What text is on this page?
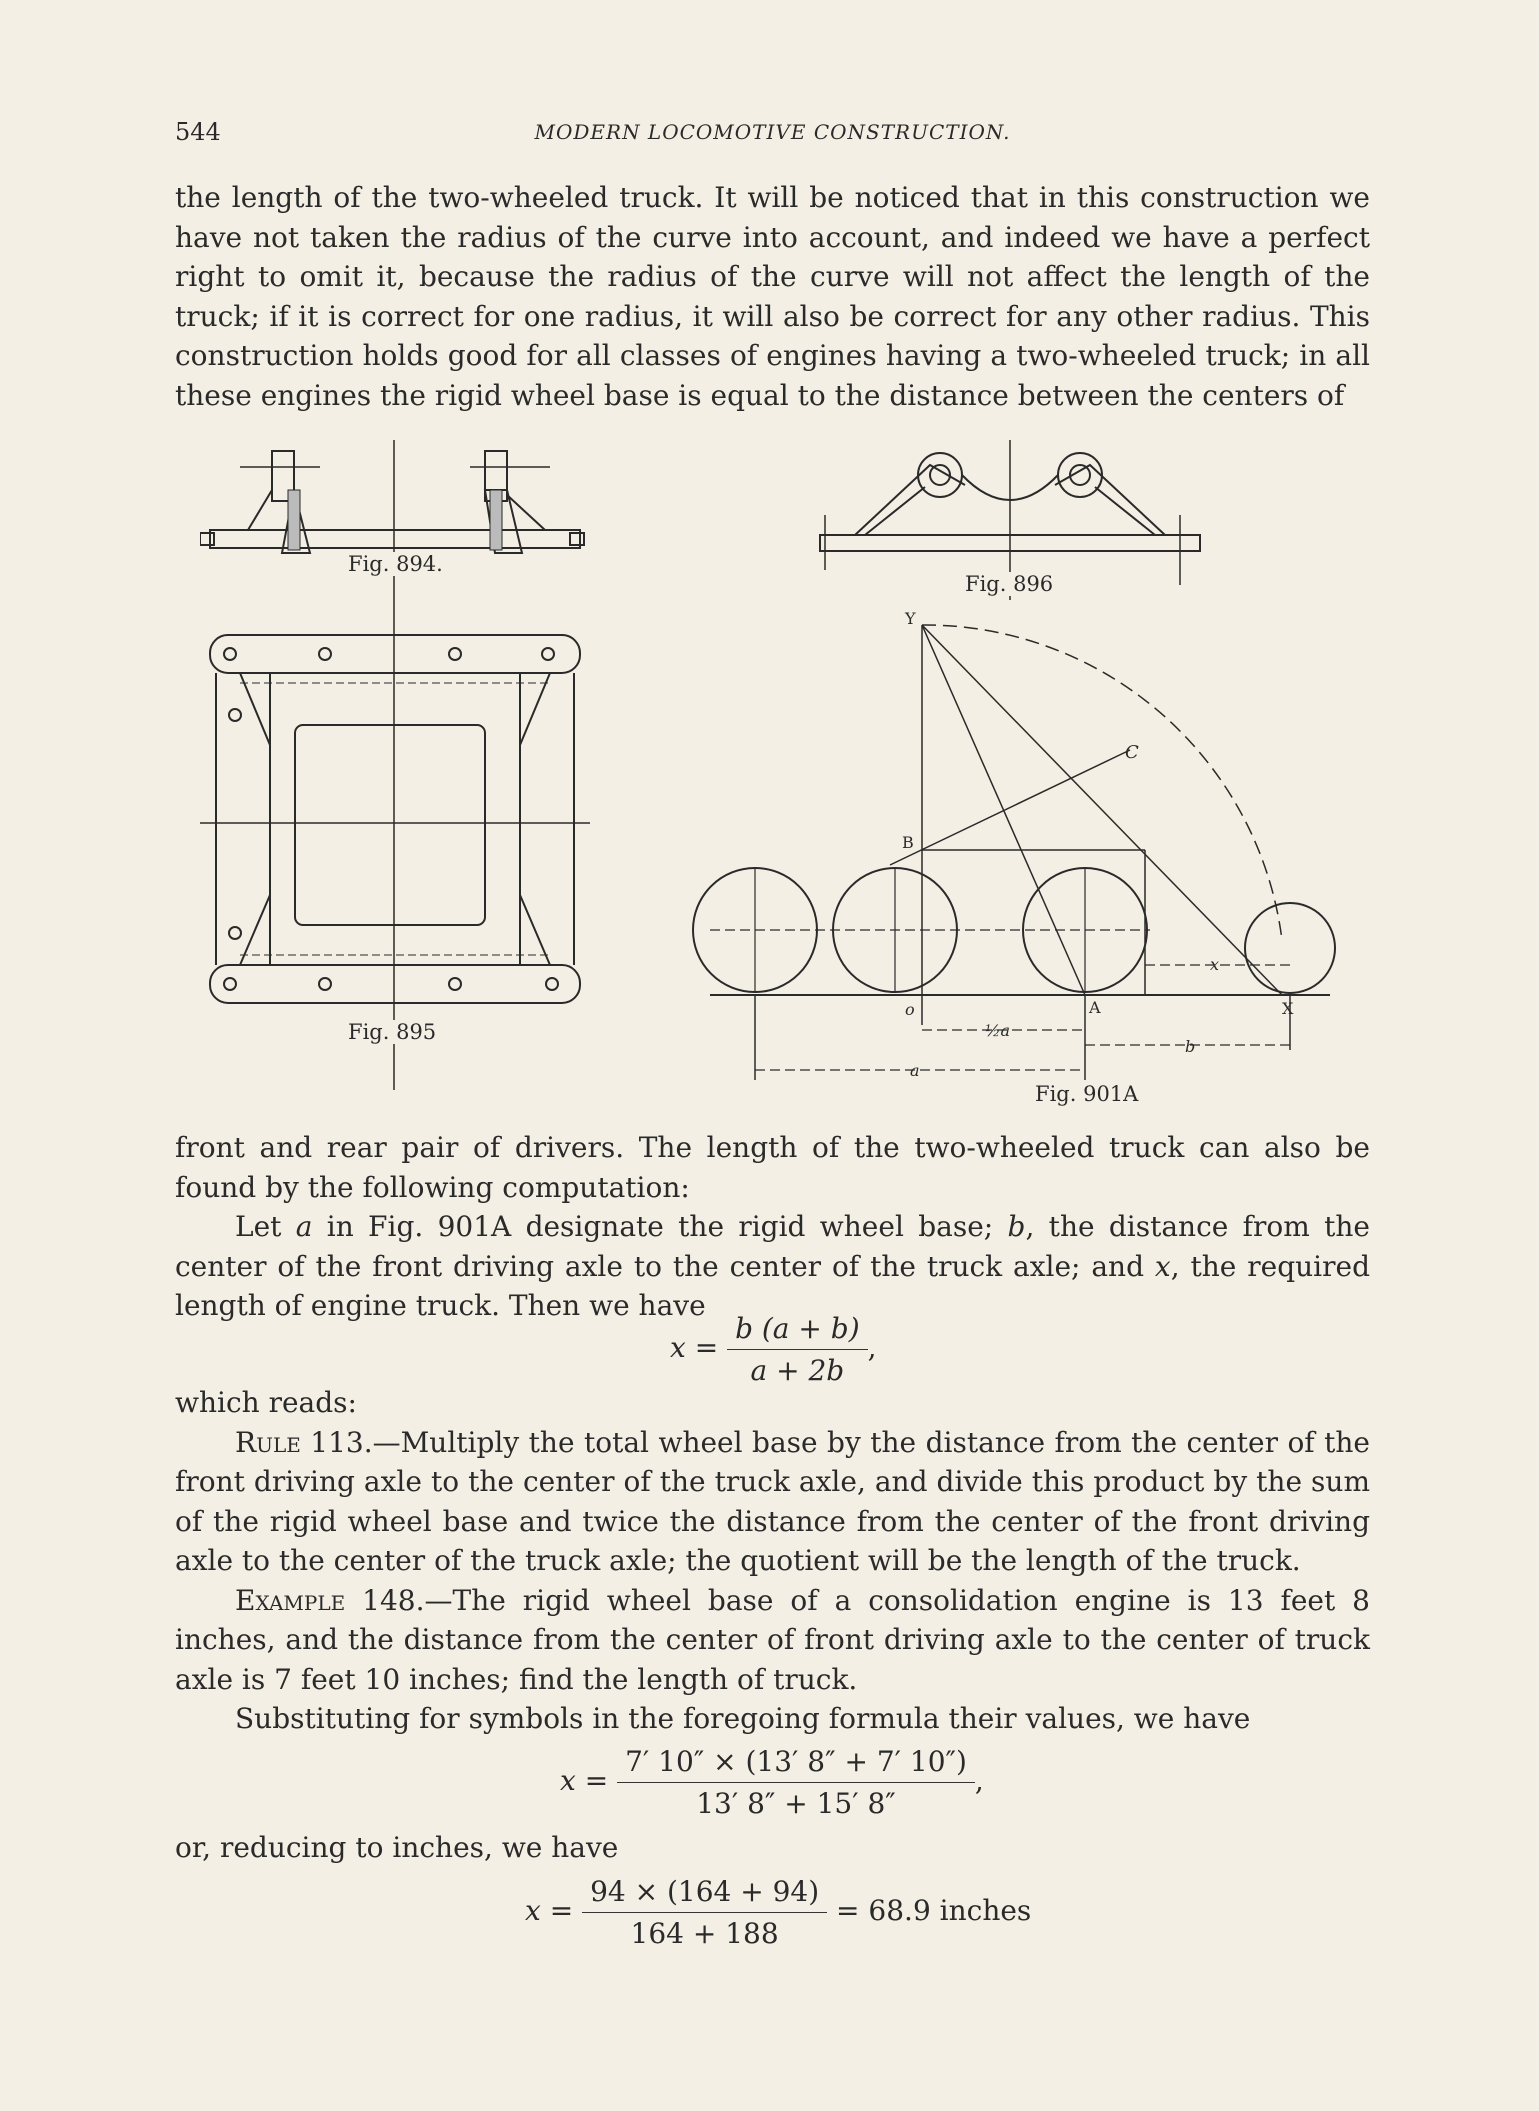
544	MODERN LOCOMOTIVE CONSTRUCTION.

the length of the two-wheeled truck. It will be noticed that in this construction we have not taken the radius of the curve into account, and indeed we have a perfect right to omit it, because the radius of the curve will not affect the length of the truck; if it is correct for one radius, it will also be correct for any other radius. This construction holds good for all classes of engines having a two-wheeled truck; in all these engines the rigid wheel base is equal to the distance between the centers of

Fig. 894.
Fig. 895
Fig. 896
Y
C
B
o	A	X
x
½a
b
a
Fig. 901A

front and rear pair of drivers. The length of the two-wheeled truck can also be found by the following computation:

Let a in Fig. 901A designate the rigid wheel base; b, the distance from the center of the front driving axle to the center of the truck axle; and x, the required length of engine truck. Then we have

$x = \frac{b (a + b)}{a + 2b}$ ,

which reads:

Rule 113.—Multiply the total wheel base by the distance from the center of the front driving axle to the center of the truck axle, and divide this product by the sum of the rigid wheel base and twice the distance from the center of the front driving axle to the center of the truck axle; the quotient will be the length of the truck.

Example 148.—The rigid wheel base of a consolidation engine is 13 feet 8 inches, and the distance from the center of front driving axle to the center of truck axle is 7 feet 10 inches; find the length of truck.

Substituting for symbols in the foregoing formula their values, we have

$x = \frac{7' 10'' \times (13' 8'' + 7' 10'')}{13' 8'' + 15' 8''}$ ,

or, reducing to inches, we have

$x = \frac{94 \times (164 + 94)}{164 + 188} = 68.9$ inches
